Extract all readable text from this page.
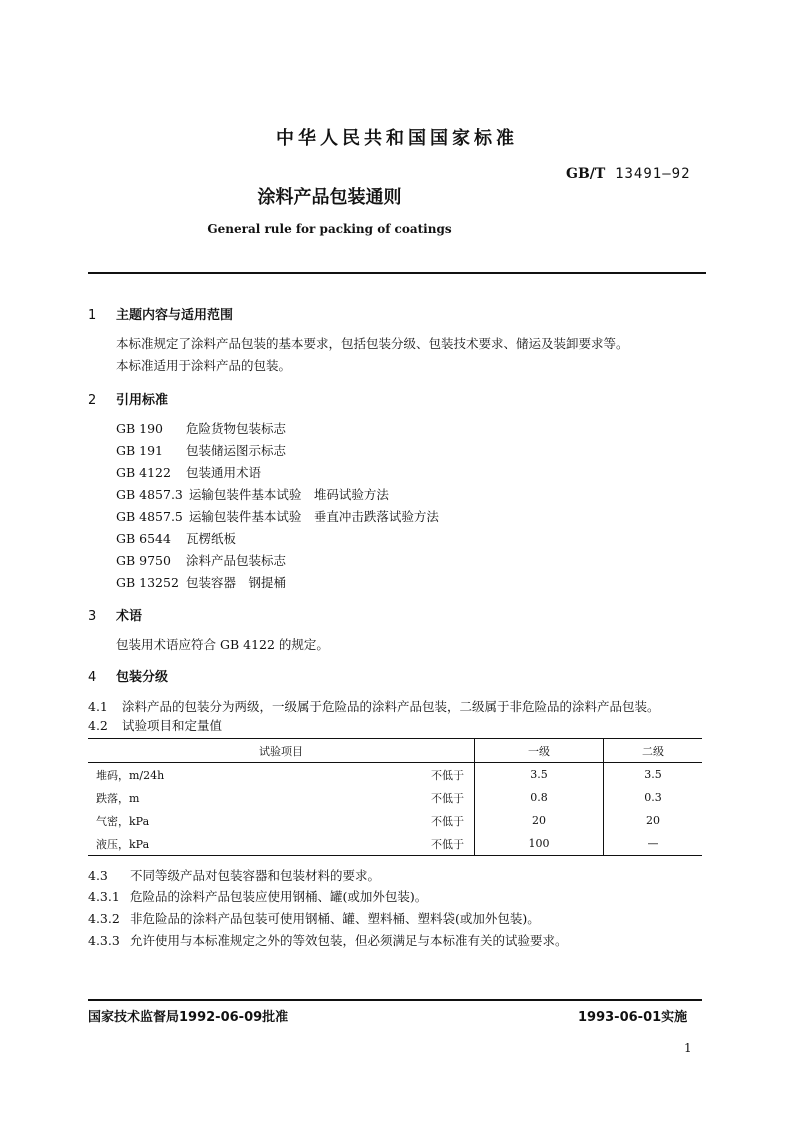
中华人民共和国国家标准
GB/T 13491—92
涂料产品包装通则
General rule for packing of coatings
1 主题内容与适用范围
本标准规定了涂料产品包装的基本要求，包括包装分级、包装技术要求、储运及装卸要求等。
本标准适用于涂料产品的包装。
2 引用标准
GB 190 危险货物包装标志
GB 191 包装储运图示标志
GB 4122 包装通用术语
GB 4857.3 运输包装件基本试验　堆码试验方法
GB 4857.5 运输包装件基本试验　垂直冲击跌落试验方法
GB 6544 瓦楞纸板
GB 9750 涂料产品包装标志
GB 13252 包装容器　钢提桶
3 术语
包装用术语应符合 GB 4122 的规定。
4 包装分级
4.1 涂料产品的包装分为两级，一级属于危险品的涂料产品包装，二级属于非危险品的涂料产品包装。
4.2 试验项目和定量值
试验项目		一级	二级
堆码，m/24h	不低于	3.5	3.5
跌落，m	不低于	0.8	0.3
气密，kPa	不低于	20	20
液压，kPa	不低于	100	—
4.3 不同等级产品对包装容器和包装材料的要求。
4.3.1 危险品的涂料产品包装应使用钢桶、罐(或加外包装)。
4.3.2 非危险品的涂料产品包装可使用钢桶、罐、塑料桶、塑料袋(或加外包装)。
4.3.3 允许使用与本标准规定之外的等效包装，但必须满足与本标准有关的试验要求。
国家技术监督局1992-06-09批准	1993-06-01实施
1
